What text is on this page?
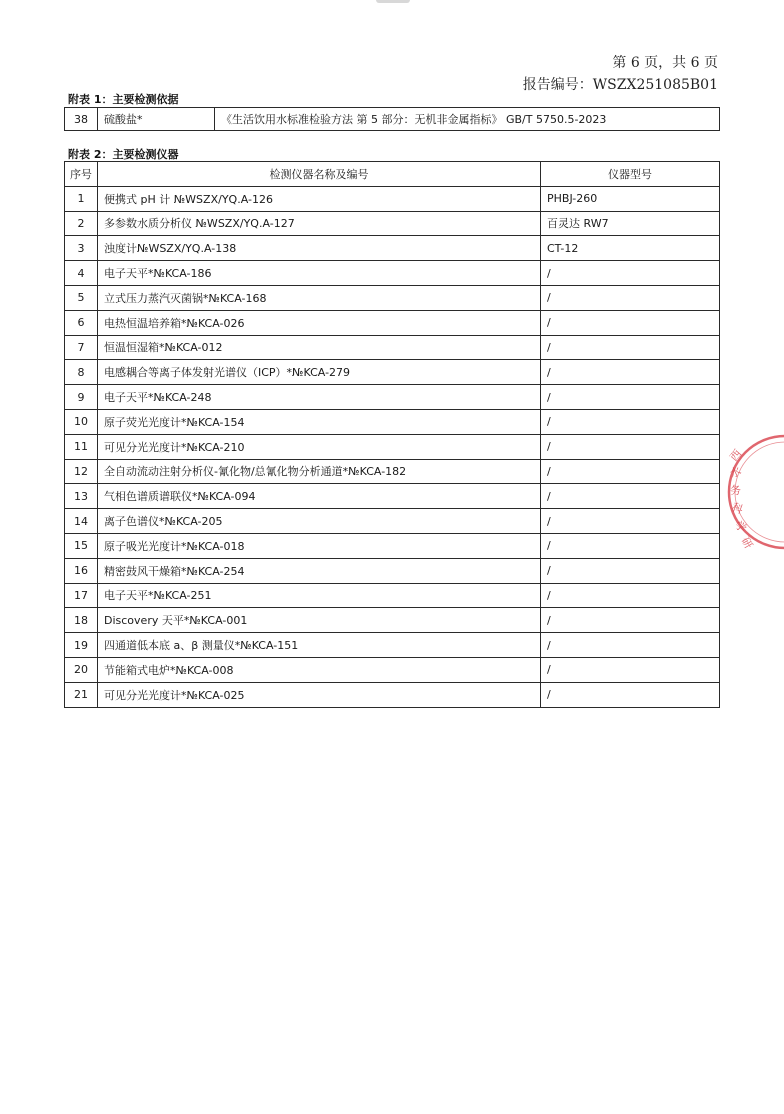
第 6 页，共 6 页
报告编号：WSZX251085B01
附表 1：主要检测依据
38	硫酸盐*	《生活饮用水标准检验方法 第 5 部分：无机非金属指标》 GB/T 5750.5-2023
附表 2：主要检测仪器
序号	检测仪器名称及编号	仪器型号
1	便携式 pH 计 №WSZX/YQ.A-126	PHBJ-260
2	多参数水质分析仪 №WSZX/YQ.A-127	百灵达 RW7
3	浊度计№WSZX/YQ.A-138	CT-12
4	电子天平*№KCA-186	/
5	立式压力蒸汽灭菌锅*№KCA-168	/
6	电热恒温培养箱*№KCA-026	/
7	恒温恒湿箱*№KCA-012	/
8	电感耦合等离子体发射光谱仪（ICP）*№KCA-279	/
9	电子天平*№KCA-248	/
10	原子荧光光度计*№KCA-154	/
11	可见分光光度计*№KCA-210	/
12	全自动流动注射分析仪-氰化物/总氰化物分析通道*№KCA-182	/
13	气相色谱质谱联仪*№KCA-094	/
14	离子色谱仪*№KCA-205	/
15	原子吸光光度计*№KCA-018	/
16	精密鼓风干燥箱*№KCA-254	/
17	电子天平*№KCA-251	/
18	Discovery 天平*№KCA-001	/
19	四通道低本底 a、β 测量仪*№KCA-151	/
20	节能箱式电炉*№KCA-008	/
21	可见分光光度计*№KCA-025	/
西
水
务
科
学
研
